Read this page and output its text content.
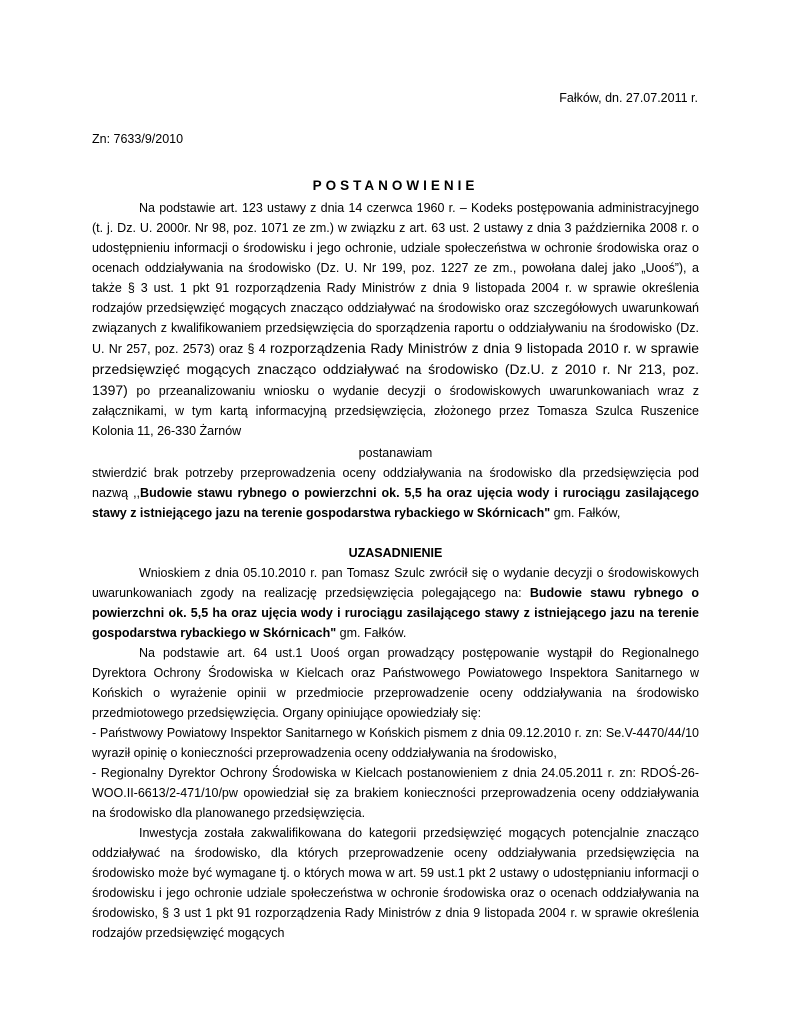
Fałków, dn. 27.07.2011 r.
Zn: 7633/9/2010
POSTANOWIENIE

Na podstawie art. 123 ustawy z dnia 14 czerwca 1960 r. – Kodeks postępowania administracyjnego (t. j. Dz. U. 2000r. Nr 98, poz. 1071 ze zm.) w związku z art. 63 ust. 2 ustawy z dnia 3 października 2008 r. o udostępnieniu informacji o środowisku i jego ochronie, udziale społeczeństwa w ochronie środowiska oraz o ocenach oddziaływania na środowisko (Dz. U. Nr 199, poz. 1227 ze zm., powołana dalej jako „Uooś”), a także § 3 ust. 1 pkt 91 rozporządzenia Rady Ministrów z dnia 9 listopada 2004 r. w sprawie określenia rodzajów przedsięwzięć mogących znacząco oddziaływać na środowisko oraz szczegółowych uwarunkowań związanych z kwalifikowaniem przedsięwzięcia do sporządzenia raportu o oddziaływaniu na środowisko (Dz. U. Nr 257, poz. 2573) oraz § 4 rozporządzenia Rady Ministrów z dnia 9 listopada 2010 r. w sprawie przedsięwzięć mogących znacząco oddziaływać na środowisko (Dz.U. z 2010 r. Nr 213, poz. 1397) po przeanalizowaniu wniosku o wydanie decyzji o środowiskowych uwarunkowaniach wraz z załącznikami, w tym kartą informacyjną przedsięwzięcia, złożonego przez Tomasza Szulca Ruszenice Kolonia 11, 26-330 Żarnów

postanawiam

stwierdzić brak potrzeby przeprowadzenia oceny oddziaływania na środowisko dla przedsięwzięcia pod nazwą ,,Budowie stawu rybnego o powierzchni ok. 5,5 ha oraz ujęcia wody i rurociągu zasilającego stawy z istniejącego jazu na terenie gospodarstwa rybackiego w Skórnicach" gm. Fałków,

UZASADNIENIE

Wnioskiem z dnia 05.10.2010 r. pan Tomasz Szulc zwrócił się o wydanie decyzji o środowiskowych uwarunkowaniach zgody na realizację przedsięwzięcia polegającego na: Budowie stawu rybnego o powierzchni ok. 5,5 ha oraz ujęcia wody i rurociągu zasilającego stawy z istniejącego jazu na terenie gospodarstwa rybackiego w Skórnicach" gm. Fałków.

Na podstawie art. 64 ust.1 Uooś organ prowadzący postępowanie wystąpił do Regionalnego Dyrektora Ochrony Środowiska w Kielcach oraz Państwowego Powiatowego Inspektora Sanitarnego w Końskich o wyrażenie opinii w przedmiocie przeprowadzenie oceny oddziaływania na środowisko przedmiotowego przedsięwzięcia. Organy opiniujące opowiedziały się:

- Państwowy Powiatowy Inspektor Sanitarnego w Końskich pismem z dnia 09.12.2010 r. zn: Se.V-4470/44/10 wyraził opinię o konieczności przeprowadzenia oceny oddziaływania na środowisko,

- Regionalny Dyrektor Ochrony Środowiska w Kielcach postanowieniem z dnia 24.05.2011 r. zn: RDOŚ-26-WOO.II-6613/2-471/10/pw opowiedział się za brakiem konieczności przeprowadzenia oceny oddziaływania na środowisko dla planowanego przedsięwzięcia.

Inwestycja została zakwalifikowana do kategorii przedsięwzięć mogących potencjalnie znacząco oddziaływać na środowisko, dla których przeprowadzenie oceny oddziaływania przedsięwzięcia na środowisko może być wymagane tj. o których mowa w art. 59 ust.1 pkt 2 ustawy o udostępnianiu informacji o środowisku i jego ochronie udziale społeczeństwa w ochronie środowiska oraz o ocenach oddziaływania na środowisko, § 3 ust 1 pkt 91 rozporządzenia Rady Ministrów z dnia 9 listopada 2004 r. w sprawie określenia rodzajów przedsięwzięć mogących
